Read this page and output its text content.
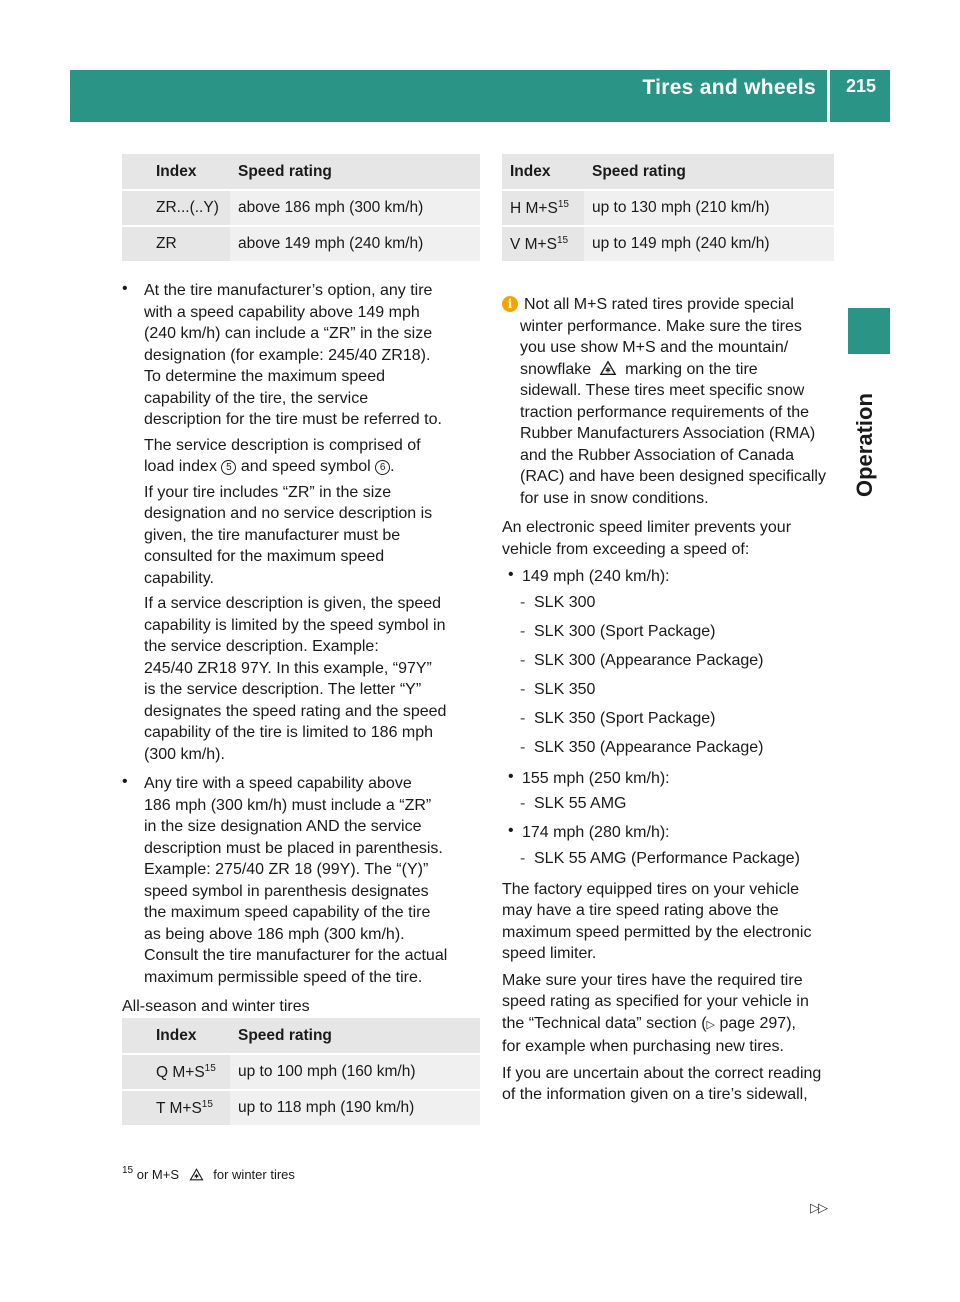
Tires and wheels	215
Operation
Index	Speed rating
ZR...(..Y)	above 186 mph (300 km/h)
ZR	above 149 mph (240 km/h)
• At the tire manufacturer’s option, any tire

with a speed capability above 149 mph

(240 km/h) can include a “ZR” in the size

designation (for example: 245/40 ZR18).

To determine the maximum speed

capability of the tire, the service

description for the tire must be referred to.

The service description is comprised of

load index 5 and speed symbol 6 .

If your tire includes “ZR” in the size

designation and no service description is

given, the tire manufacturer must be

consulted for the maximum speed

capability.

If a service description is given, the speed

capability is limited by the speed symbol in

the service description. Example:

245/40 ZR18 97Y. In this example, “97Y”

is the service description. The letter “Y”

designates the speed rating and the speed

capability of the tire is limited to 186 mph

(300 km/h).

• Any tire with a speed capability above

186 mph (300 km/h) must include a “ZR”

in the size designation AND the service

description must be placed in parenthesis.

Example: 275/40 ZR 18 (99Y). The “(Y)”

speed symbol in parenthesis designates

the maximum speed capability of the tire

as being above 186 mph (300 km/h).

Consult the tire manufacturer for the actual

maximum permissible speed of the tire.

All-season and winter tires

Index	Speed rating
Q $M+S^{15}$	up to 100 mph (160 km/h)
T $M+S^{15}$	up to 118 mph (190 km/h)
Index	Speed rating
H $M+S^{15}$	up to 130 mph (210 km/h)
V $M+S^{15}$	up to 149 mph (240 km/h)

i Not all M+S rated tires provide special

winter performance. Make sure the tires

you use show M+S and the mountain/

snowflake marking on the tire

sidewall. These tires meet specific snow

traction performance requirements of the

Rubber Manufacturers Association (RMA)

and the Rubber Association of Canada

(RAC) and have been designed specifically

for use in snow conditions.

An electronic speed limiter prevents your

vehicle from exceeding a speed of:

• 149 mph (240 km/h):

- SLK 300
- SLK 300 (Sport Package)
- SLK 300 (Appearance Package)
- SLK 350
- SLK 350 (Sport Package)
- SLK 350 (Appearance Package)
• 155 mph (250 km/h):

- SLK 55 AMG
• 174 mph (280 km/h):

- SLK 55 AMG (Performance Package)

The factory equipped tires on your vehicle

may have a tire speed rating above the

maximum speed permitted by the electronic

speed limiter.

Make sure your tires have the required tire

speed rating as specified for your vehicle in

the “Technical data” section (▷ page 297),

for example when purchasing new tires.

If you are uncertain about the correct reading

of the information given on a tire’s sidewall,

$^{15}$ or M+S	for winter tires
▷▷
